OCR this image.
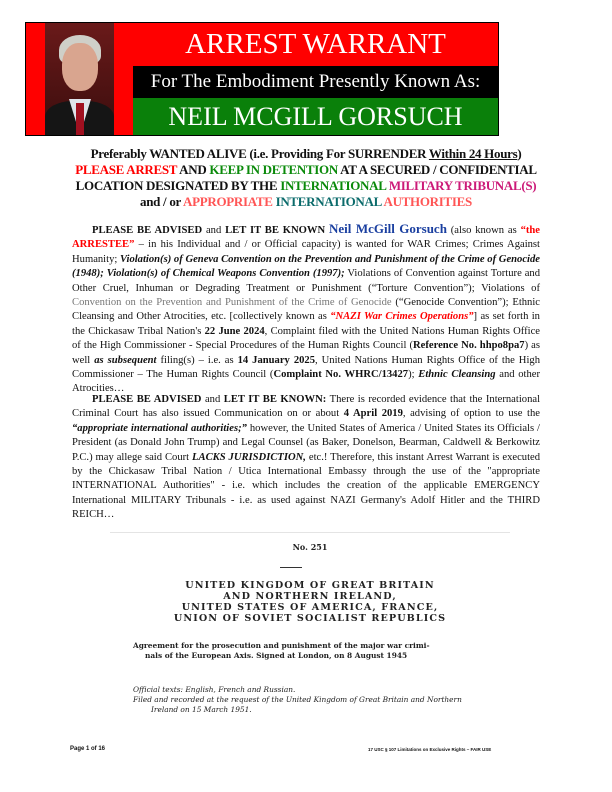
ARREST WARRANT
For The Embodiment Presently Known As:
NEIL MCGILL GORSUCH
Preferably WANTED ALIVE (i.e. Providing For SURRENDER Within 24 Hours)
PLEASE ARREST AND KEEP IN DETENTION AT A SECURED / CONFIDENTIAL
LOCATION DESIGNATED BY THE INTERNATIONAL MILITARY TRIBUNAL(S)
and / or APPROPRIATE INTERNATIONAL AUTHORITIES
PLEASE BE ADVISED and LET IT BE KNOWN Neil McGill Gorsuch (also known as “the ARRESTEE” – in his Individual and / or Official capacity) is wanted for WAR Crimes; Crimes Against Humanity; Violation(s) of Geneva Convention on the Prevention and Punishment of the Crime of Genocide (1948); Violation(s) of Chemical Weapons Convention (1997); Violations of Convention against Torture and Other Cruel, Inhuman or Degrading Treatment or Punishment (“Torture Convention”); Violations of Convention on the Prevention and Punishment of the Crime of Genocide (“Genocide Convention”); Ethnic Cleansing and Other Atrocities, etc. [collectively known as “NAZI War Crimes Operations”] as set forth in the Chickasaw Tribal Nation's 22 June 2024, Complaint filed with the United Nations Human Rights Office of the High Commissioner - Special Procedures of the Human Rights Council (Reference No. hhpo8pa7) as well as subsequent filing(s) – i.e. as 14 January 2025, United Nations Human Rights Office of the High Commissioner – The Human Rights Council (Complaint No. WHRC/13427); Ethnic Cleansing and other Atrocities…
PLEASE BE ADVISED and LET IT BE KNOWN: There is recorded evidence that the International Criminal Court has also issued Communication on or about 4 April 2019, advising of option to use the “appropriate international authorities;” however, the United States of America / United States its Officials / President (as Donald John Trump) and Legal Counsel (as Baker, Donelson, Bearman, Caldwell & Berkowitz P.C.) may allege said Court LACKS JURISDICTION, etc.! Therefore, this instant Arrest Warrant is executed by the Chickasaw Tribal Nation / Utica International Embassy through the use of the "appropriate INTERNATIONAL Authorities" - i.e. which includes the creation of the applicable EMERGENCY International MILITARY Tribunals - i.e. as used against NAZI Germany's Adolf Hitler and the THIRD REICH…
No. 251
UNITED KINGDOM OF GREAT BRITAIN
AND NORTHERN IRELAND,
UNITED STATES OF AMERICA, FRANCE,
UNION OF SOVIET SOCIALIST REPUBLICS
Agreement for the prosecution and punishment of the major war crimi-
nals of the European Axis. Signed at London, on 8 August 1945
Official texts: English, French and Russian.
Filed and recorded at the request of the United Kingdom of Great Britain and Northern
Ireland on 15 March 1951.
Page 1 of 16	17 USC § 107 Limitations on Exclusive Rights – FAIR USE
